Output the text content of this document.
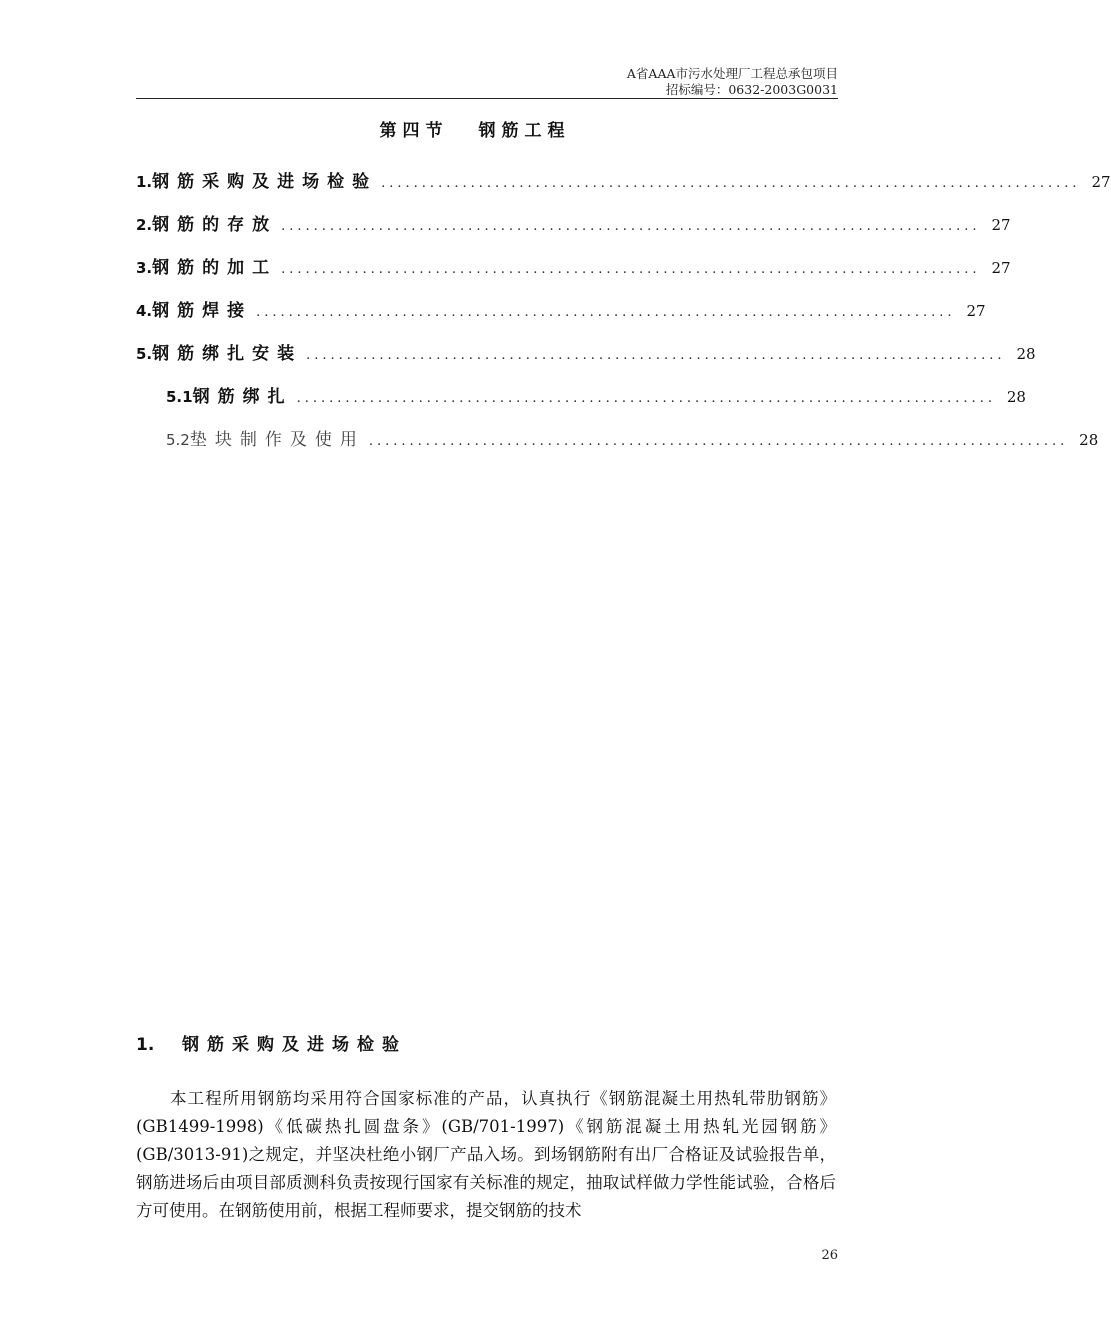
A省AAA市污水处理厂工程总承包项目
招标编号：0632-2003G0031
第四节 钢筋工程
1. 钢筋采购及进场检验 ...................................................................................... 27
2. 钢筋的存放 ...................................................................................... 27
3. 钢筋的加工 ...................................................................................... 27
4. 钢筋焊接 ...................................................................................... 27
5. 钢筋绑扎安装 ...................................................................................... 28
5.1 钢筋绑扎 ...................................................................................... 28
5.2 垫块制作及使用 ...................................................................................... 28
1. 钢筋采购及进场检验

本工程所用钢筋均采用符合国家标准的产品，认真执行《钢筋混凝土用热轧带肋钢筋》(GB1499-1998)《低碳热扎圆盘条》(GB/701-1997)《钢筋混凝土用热轧光园钢筋》(GB/3013-91)之规定，并坚决杜绝小钢厂产品入场。到场钢筋附有出厂合格证及试验报告单，钢筋进场后由项目部质测科负责按现行国家有关标准的规定，抽取试样做力学性能试验，合格后方可使用。在钢筋使用前，根据工程师要求，提交钢筋的技术

26
